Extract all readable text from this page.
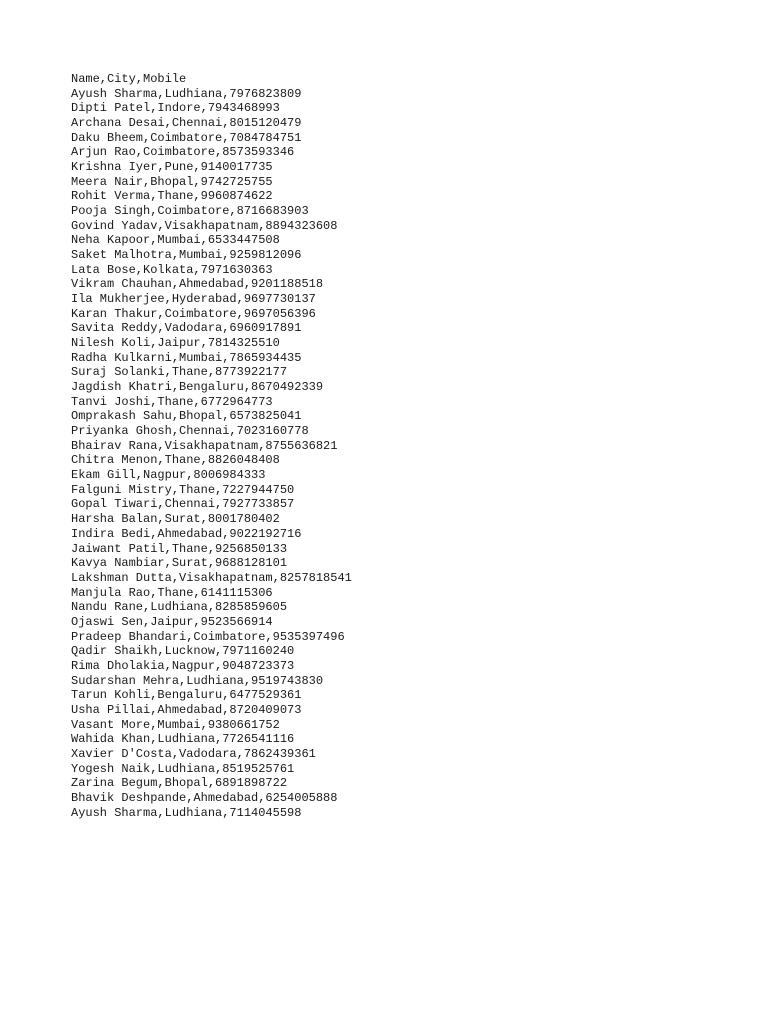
Name,City,Mobile
Ayush Sharma,Ludhiana,7976823809
Dipti Patel,Indore,7943468993
Archana Desai,Chennai,8015120479
Daku Bheem,Coimbatore,7084784751
Arjun Rao,Coimbatore,8573593346
Krishna Iyer,Pune,9140017735
Meera Nair,Bhopal,9742725755
Rohit Verma,Thane,9960874622
Pooja Singh,Coimbatore,8716683903
Govind Yadav,Visakhapatnam,8894323608
Neha Kapoor,Mumbai,6533447508
Saket Malhotra,Mumbai,9259812096
Lata Bose,Kolkata,7971630363
Vikram Chauhan,Ahmedabad,9201188518
Ila Mukherjee,Hyderabad,9697730137
Karan Thakur,Coimbatore,9697056396
Savita Reddy,Vadodara,6960917891
Nilesh Koli,Jaipur,7814325510
Radha Kulkarni,Mumbai,7865934435
Suraj Solanki,Thane,8773922177
Jagdish Khatri,Bengaluru,8670492339
Tanvi Joshi,Thane,6772964773
Omprakash Sahu,Bhopal,6573825041
Priyanka Ghosh,Chennai,7023160778
Bhairav Rana,Visakhapatnam,8755636821
Chitra Menon,Thane,8826048408
Ekam Gill,Nagpur,8006984333
Falguni Mistry,Thane,7227944750
Gopal Tiwari,Chennai,7927733857
Harsha Balan,Surat,8001780402
Indira Bedi,Ahmedabad,9022192716
Jaiwant Patil,Thane,9256850133
Kavya Nambiar,Surat,9688128101
Lakshman Dutta,Visakhapatnam,8257818541
Manjula Rao,Thane,6141115306
Nandu Rane,Ludhiana,8285859605
Ojaswi Sen,Jaipur,9523566914
Pradeep Bhandari,Coimbatore,9535397496
Qadir Shaikh,Lucknow,7971160240
Rima Dholakia,Nagpur,9048723373
Sudarshan Mehra,Ludhiana,9519743830
Tarun Kohli,Bengaluru,6477529361
Usha Pillai,Ahmedabad,8720409073
Vasant More,Mumbai,9380661752
Wahida Khan,Ludhiana,7726541116
Xavier D'Costa,Vadodara,7862439361
Yogesh Naik,Ludhiana,8519525761
Zarina Begum,Bhopal,6891898722
Bhavik Deshpande,Ahmedabad,6254005888
Ayush Sharma,Ludhiana,7114045598
